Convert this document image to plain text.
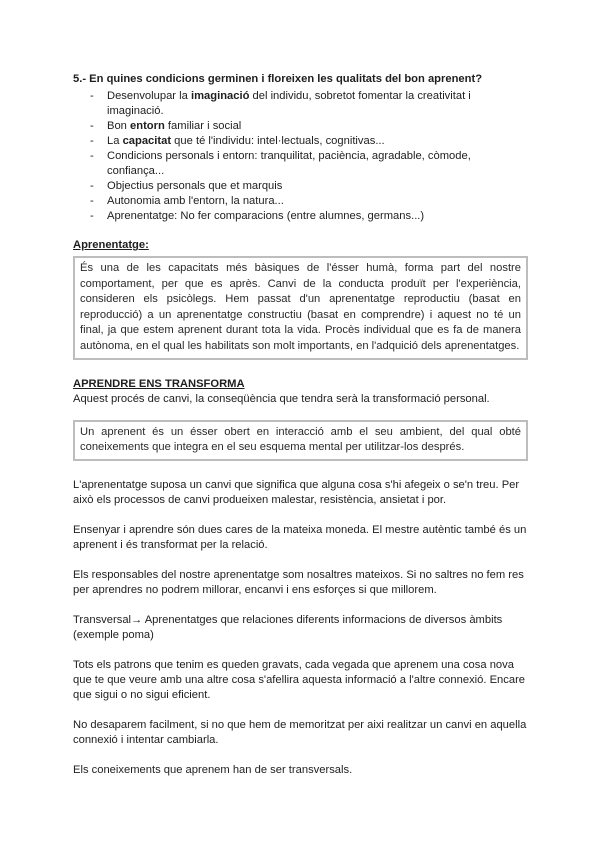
5.- En quines condicions germinen i floreixen les qualitats del bon aprenent?

- Desenvolupar la imaginació del individu, sobretot fomentar la creativitat i imaginació.
- Bon entorn familiar i social
- La capacitat que té l'individu: intel·lectuals, cognitivas...
- Condicions personals i entorn: tranquilitat, paciència, agradable, còmode, confiança...
- Objectius personals que et marquis
- Autonomia amb l'entorn, la natura...
- Aprenentatge: No fer comparacions (entre alumnes, germans...)

Aprenentatge:

És una de les capacitats més bàsiques de l'ésser humà, forma part del nostre comportament, per que es après. Canvi de la conducta produït per l'experiència, consideren els psicòlegs. Hem passat d'un aprenentatge reproductiu (basat en reproducció) a un aprenentatge constructiu (basat en comprendre) i aquest no té un final, ja que estem aprenent durant tota la vida. Procès individual que es fa de manera autònoma, en el qual les habilitats son molt importants, en l'adquició dels aprenentatges.

APRENDRE ENS TRANSFORMA

Aquest procés de canvi, la conseqüència que tendra serà la transformació personal.

Un aprenent és un ésser obert en interacció amb el seu ambient, del qual obté coneixements que integra en el seu esquema mental per utilitzar-los després.

L'aprenentatge suposa un canvi que significa que alguna cosa s'hi afegeix o se'n treu. Per això els processos de canvi produeixen malestar, resistència, ansietat i por.

Ensenyar i aprendre són dues cares de la mateixa moneda. El mestre autèntic també és un aprenent i és transformat per la relació.

Els responsables del nostre aprenentatge som nosaltres mateixos. Si no saltres no fem res per aprendres no podrem millorar, encanvi i ens esforçes si que millorem.

Transversal→ Aprenentatges que relaciones diferents informacions de diversos àmbits (exemple poma)

Tots els patrons que tenim es queden gravats, cada vegada que aprenem una cosa nova que te que veure amb una altre cosa s'afellira aquesta informació a l'altre connexió. Encare que sigui o no sigui eficient.

No desaparem facilment, si no que hem de memoritzat per aixi realitzar un canvi en aquella connexió i intentar cambiarla.

Els coneixements que aprenem han de ser transversals.
